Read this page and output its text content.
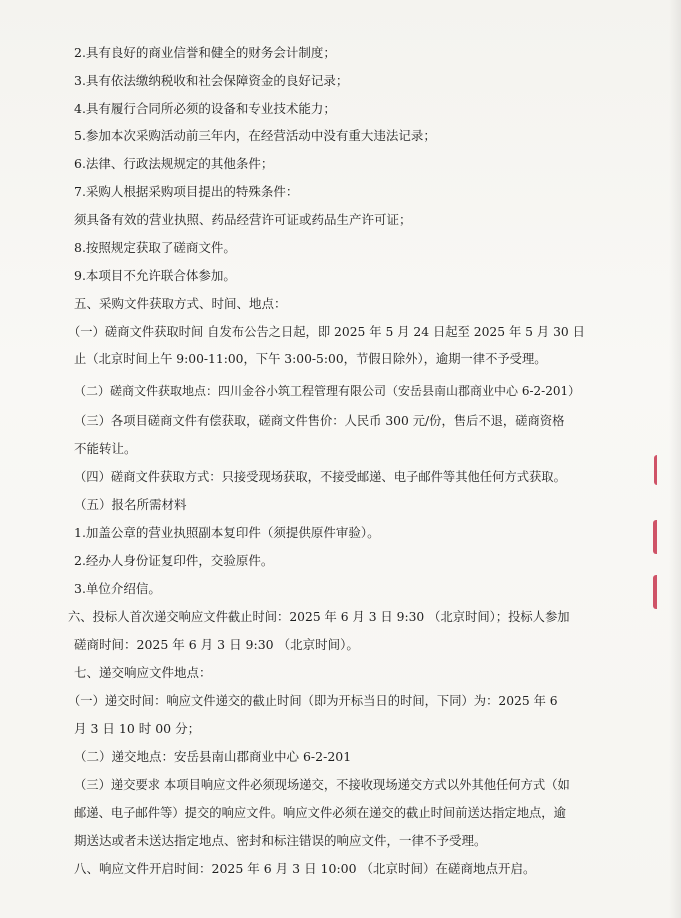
2.具有良好的商业信誉和健全的财务会计制度；
3.具有依法缴纳税收和社会保障资金的良好记录；
4.具有履行合同所必须的设备和专业技术能力；
5.参加本次采购活动前三年内，在经营活动中没有重大违法记录；
6.法律、行政法规规定的其他条件；
7.采购人根据采购项目提出的特殊条件：
须具备有效的营业执照、药品经营许可证或药品生产许可证；
8.按照规定获取了磋商文件。
9.本项目不允许联合体参加。
五、采购文件获取方式、时间、地点：
（一）磋商文件获取时间 自发布公告之日起，即 2025 年 5 月 24 日起至 2025 年 5 月 30 日
止（北京时间上午 9:00-11:00，下午 3:00-5:00，节假日除外），逾期一律不予受理。
（二）磋商文件获取地点：四川金谷小筑工程管理有限公司（安岳县南山郡商业中心 6-2-201）
（三）各项目磋商文件有偿获取，磋商文件售价：人民币 300 元/份，售后不退，磋商资格
不能转让。
（四）磋商文件获取方式：只接受现场获取，不接受邮递、电子邮件等其他任何方式获取。
（五）报名所需材料
1.加盖公章的营业执照副本复印件（须提供原件审验）。
2.经办人身份证复印件，交验原件。
3.单位介绍信。
六、投标人首次递交响应文件截止时间：2025 年 6 月 3 日 9:30 （北京时间）；投标人参加
磋商时间：2025 年 6 月 3 日 9:30 （北京时间）。
七、递交响应文件地点：
（一）递交时间：响应文件递交的截止时间（即为开标当日的时间，下同）为：2025 年 6
月 3 日 10 时 00 分；
（二）递交地点：安岳县南山郡商业中心 6-2-201
（三）递交要求 本项目响应文件必须现场递交，不接收现场递交方式以外其他任何方式（如
邮递、电子邮件等）提交的响应文件。响应文件必须在递交的截止时间前送达指定地点，逾
期送达或者未送达指定地点、密封和标注错误的响应文件，一律不予受理。
八、响应文件开启时间：2025 年 6 月 3 日 10:00 （北京时间）在磋商地点开启。
